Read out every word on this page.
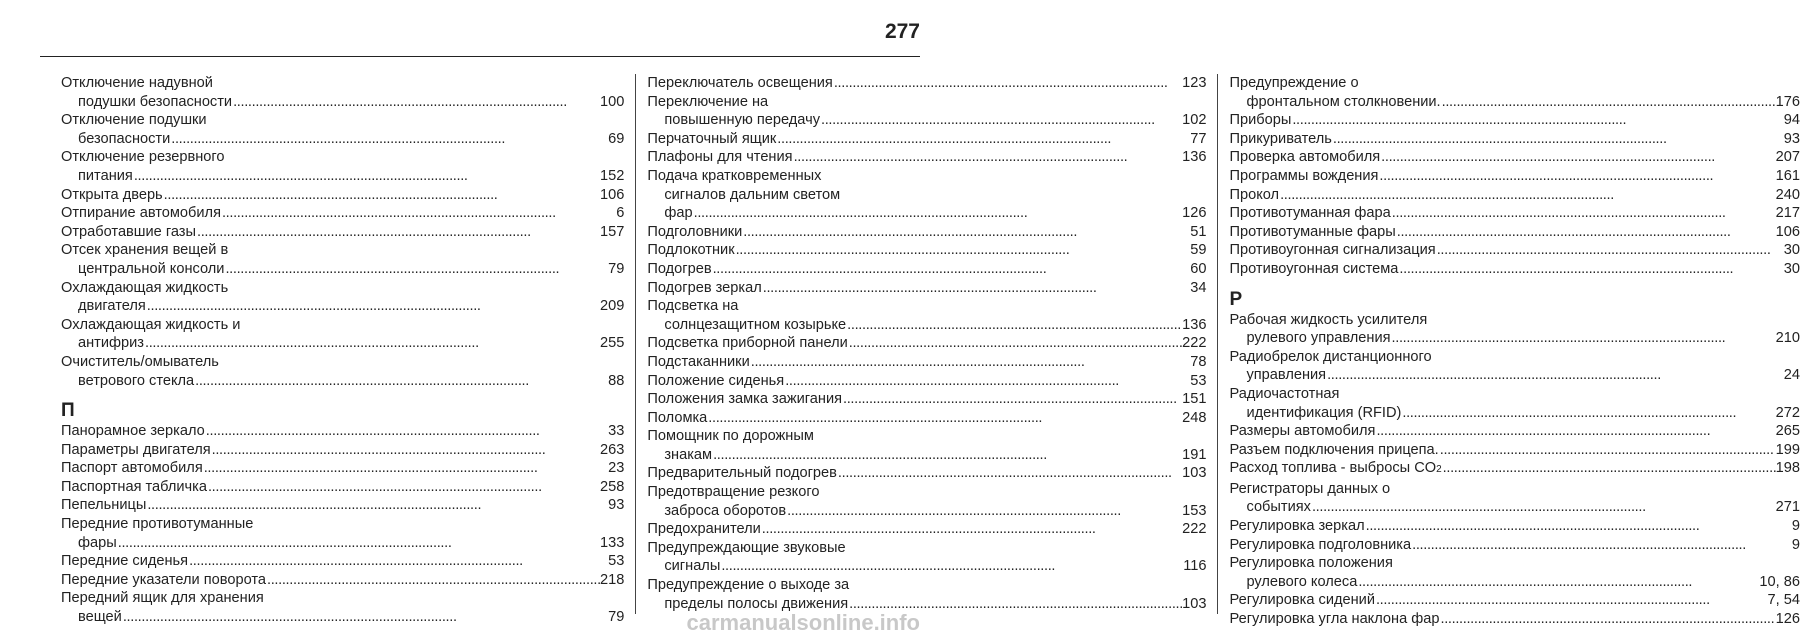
277
Отключение надувной
подушки безопасности . . .	100
Отключение подушки
безопасности . . .	69
Отключение резервного
питания . . .	152
Открыта дверь . . .	106
Отпирание автомобиля . . .	6
Отработавшие газы . . .	157
Отсек хранения вещей в
центральной консоли . . .	79
Охлаждающая жидкость
двигателя . . .	209
Охлаждающая жидкость и
антифриз . . .	255
Очиститель/омыватель
ветрового стекла . . .	88
П
Панорамное зеркало . . .	33
Параметры двигателя . . .	263
Паспорт автомобиля . . .	23
Паспортная табличка . . .	258
Пепельницы . . .	93
Передние противотуманные
фары . . .	133
Передние сиденья . . .	53
Передние указатели поворота . . .	218
Передний ящик для хранения
вещей . . .	79
Переключатель освещения . . .	123
Переключение на
повышенную передачу . . .	102
Перчаточный ящик . . .	77
Плафоны для чтения . . .	136
Подача кратковременных
сигналов дальним светом
фар . . .	126
Подголовники . . .	51
Подлокотник . . .	59
Подогрев . . .	60
Подогрев зеркал . . .	34
Подсветка на
солнцезащитном козырьке . . .	136
Подсветка приборной панели . . .	222
Подстаканники . . .	78
Положение сиденья . . .	53
Положения замка зажигания . . .	151
Поломка . . .	248
Помощник по дорожным
знакам . . .	191
Предварительный подогрев . . .	103
Предотвращение резкого
заброса оборотов . . .	153
Предохранители . . .	222
Предупреждающие звуковые
сигналы . . .	116
Предупреждение о выходе за
пределы полосы движения . . .	103
Предупреждение о
фронтальном столкновении. . . .	176
Приборы . . .	94
Прикуриватель . . .	93
Проверка автомобиля . . .	207
Программы вождения . . .	161
Прокол . . .	240
Противотуманная фара . . .	217
Противотуманные фары . . .	106
Противоугонная сигнализация . . .	30
Противоугонная система . . .	30
Р
Рабочая жидкость усилителя
рулевого управления . . .	210
Радиобрелок дистанционного
управления . . .	24
Радиочастотная
идентификация (RFID) . . .	272
Размеры автомобиля . . .	265
Разъем подключения прицепа. . . .	199
Расход топлива - выбросы CO 2 . . .	198
Регистраторы данных о
событиях . . .	271
Регулировка зеркал . . .	9
Регулировка подголовника . . .	9
Регулировка положения
рулевого колеса . . .	10, 86
Регулировка сидений . . .	7, 54
Регулировка угла наклона фар . . .	126
carmanualsonline.info
